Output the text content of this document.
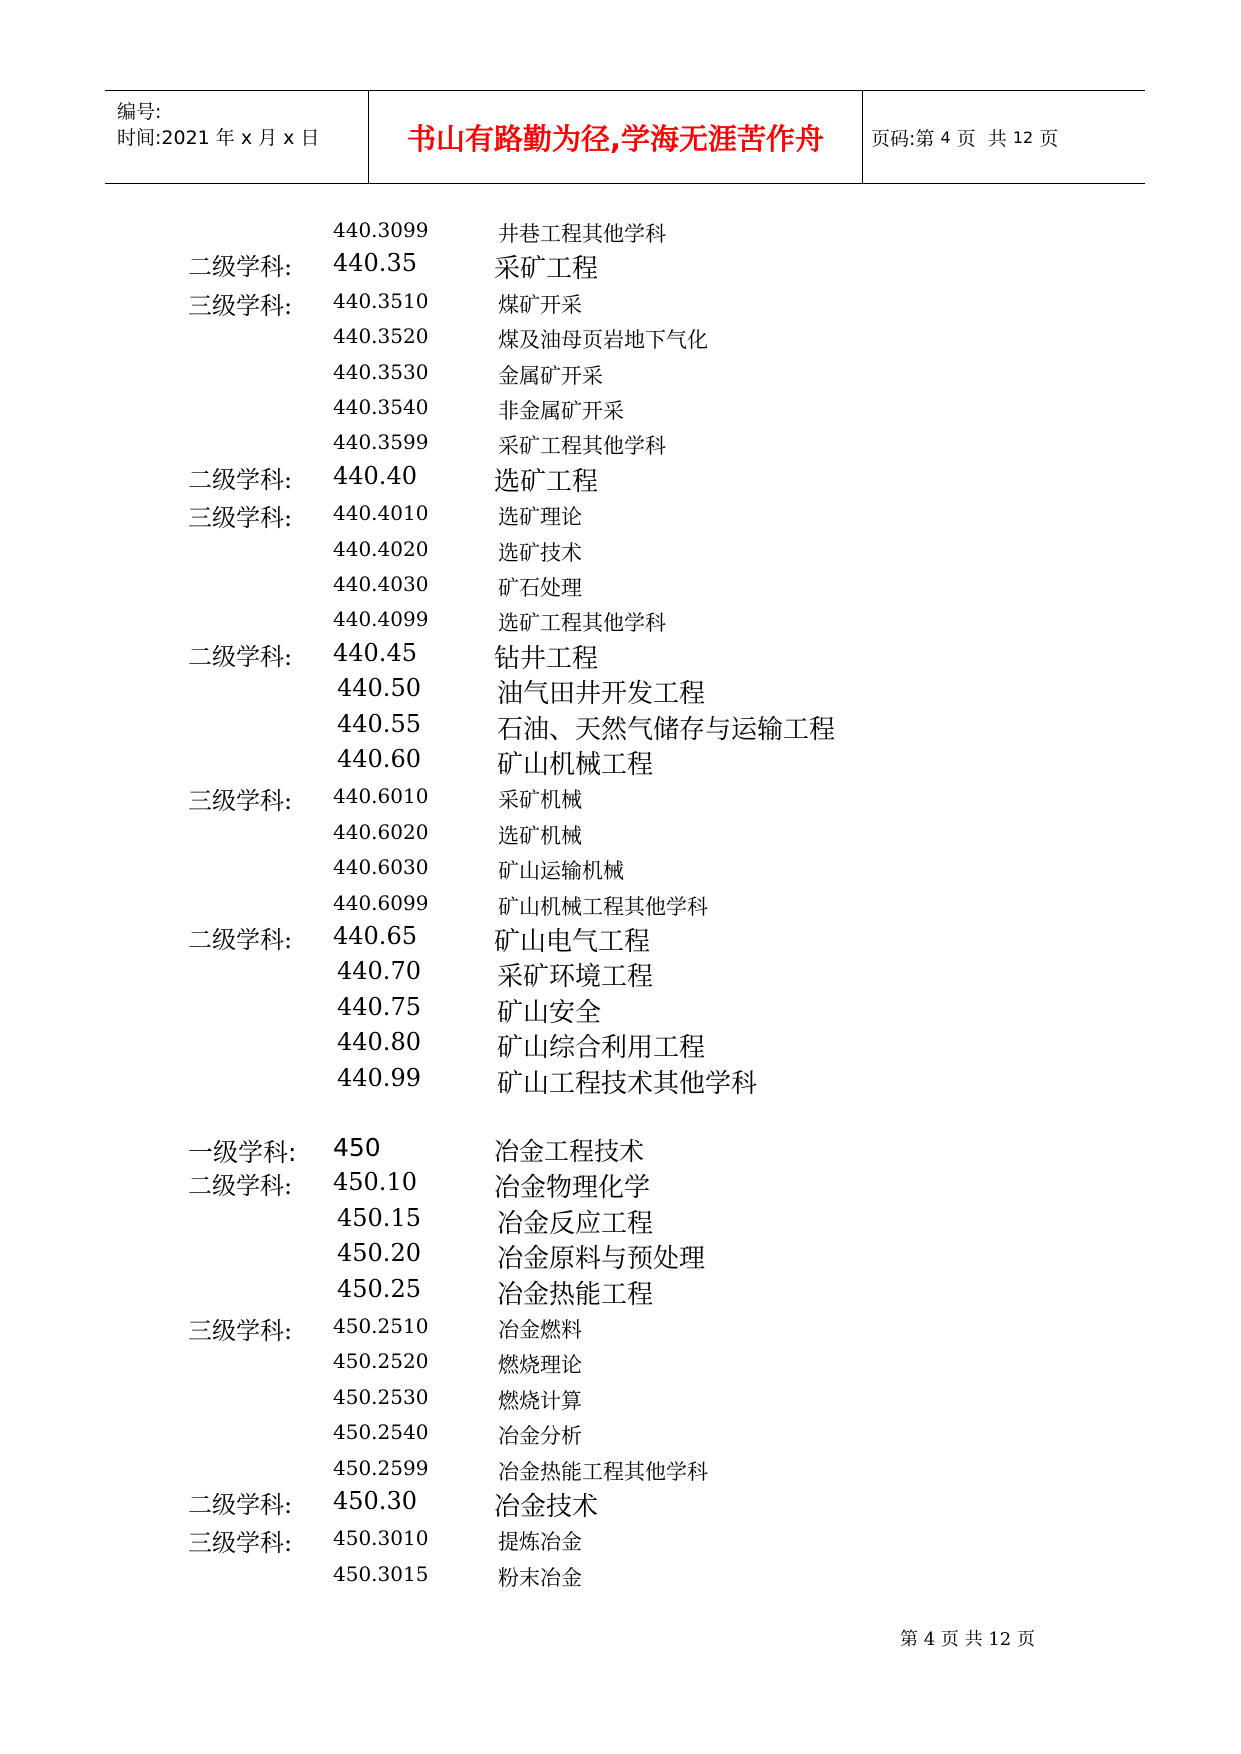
编号:
时间:2021 年 x 月 x 日	书山有路勤为径,学海无涯苦作舟	页码:第 4 页  共 12 页
440.3099	井巷工程其他学科
二级学科: 440.35	采矿工程
三级学科: 440.3510	煤矿开采
440.3520	煤及油母页岩地下气化
440.3530	金属矿开采
440.3540	非金属矿开采
440.3599	采矿工程其他学科
二级学科: 440.40	选矿工程
三级学科: 440.4010	选矿理论
440.4020	选矿技术
440.4030	矿石处理
440.4099	选矿工程其他学科
二级学科: 440.45	钻井工程
440.50	油气田井开发工程
440.55	石油、天然气储存与运输工程
440.60	矿山机械工程
三级学科: 440.6010	采矿机械
440.6020	选矿机械
440.6030	矿山运输机械
440.6099	矿山机械工程其他学科
二级学科: 440.65	矿山电气工程
440.70	采矿环境工程
440.75	矿山安全
440.80	矿山综合利用工程
440.99	矿山工程技术其他学科
一级学科: 450	冶金工程技术
二级学科: 450.10	冶金物理化学
450.15	冶金反应工程
450.20	冶金原料与预处理
450.25	冶金热能工程
三级学科: 450.2510	冶金燃料
450.2520	燃烧理论
450.2530	燃烧计算
450.2540	冶金分析
450.2599	冶金热能工程其他学科
二级学科: 450.30	冶金技术
三级学科: 450.3010	提炼冶金
450.3015	粉末冶金
第 4 页 共 12 页
